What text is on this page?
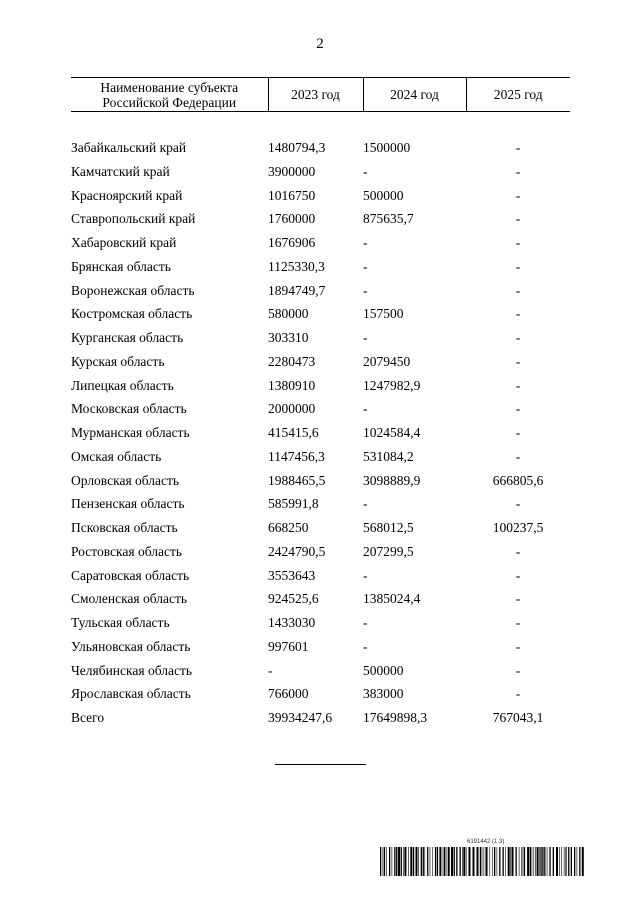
2
Наименование субъекта
Российской Федерации	2023 год	2024 год	2025 год

Забайкальский край	1480794,3	1500000	-
Камчатский край	3900000	-	-
Красноярский край	1016750	500000	-
Ставропольский край	1760000	875635,7	-
Хабаровский край	1676906	-	-
Брянская область	1125330,3	-	-
Воронежская область	1894749,7	-	-
Костромская область	580000	157500	-
Курганская область	303310	-	-
Курская область	2280473	2079450	-
Липецкая область	1380910	1247982,9	-
Московская область	2000000	-	-
Мурманская область	415415,6	1024584,4	-
Омская область	1147456,3	531084,2	-
Орловская область	1988465,5	3098889,9	666805,6
Пензенская область	585991,8	-	-
Псковская область	668250	568012,5	100237,5
Ростовская область	2424790,5	207299,5	-
Саратовская область	3553643	-	-
Смоленская область	924525,6	1385024,4	-
Тульская область	1433030	-	-
Ульяновская область	997601	-	-
Челябинская область	-	500000	-
Ярославская область	766000	383000	-
Всего	39934247,6	17649898,3	767043,1
6191442 (1.3)
